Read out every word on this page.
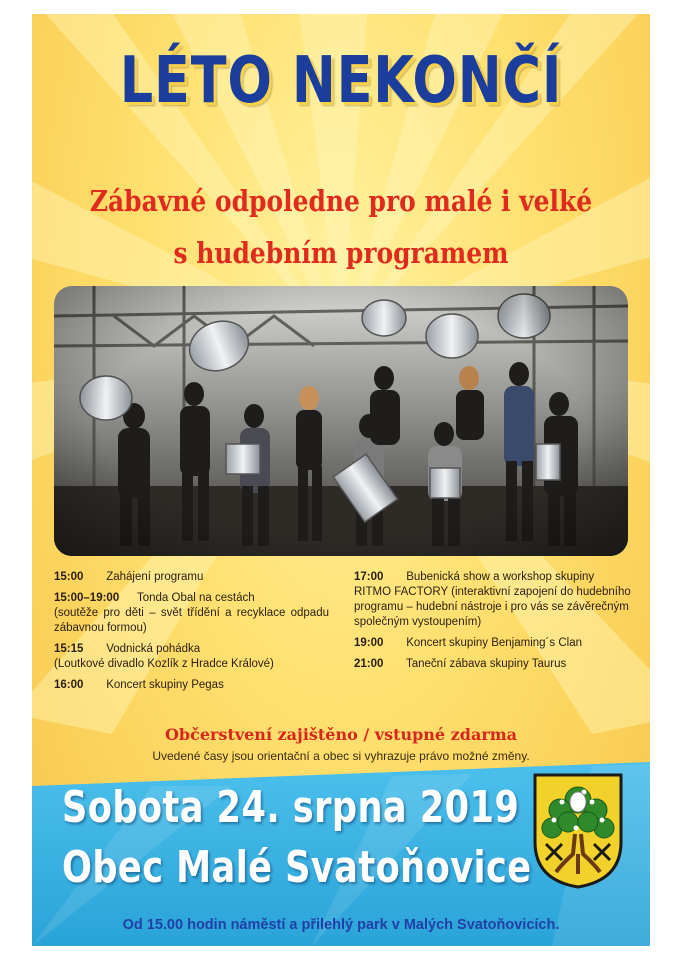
LÉTO NEKONČÍ

Zábavné odpoledne pro malé i velké

s hudebním programem

15:00 Zahájení programu
15:00–19:00 Tonda Obal na cestách

(soutěže pro děti – svět třídění a recyklace odpadu zábavnou formou)
15:15 Vodnická pohádka
(Loutkové divadlo Kozlík z Hradce Králové)
16:00 Koncert skupiny Pegas
17:00 Bubenická show a workshop skupiny
RITMO FACTORY (interaktivní zapojení do hudebního programu – hudební nástroje i pro vás se závěrečným společným vystoupením)
19:00 Koncert skupiny Benjaming´s Clan
21:00 Taneční zábava skupiny Taurus

Občerstvení zajištěno / vstupné zdarma

Uvedené časy jsou orientační a obec si vyhrazuje právo možné změny.

Sobota 24. srpna 2019

Obec Malé Svatoňovice

Od 15.00 hodin náměstí a přilehlý park v Malých Svatoňovicích.
